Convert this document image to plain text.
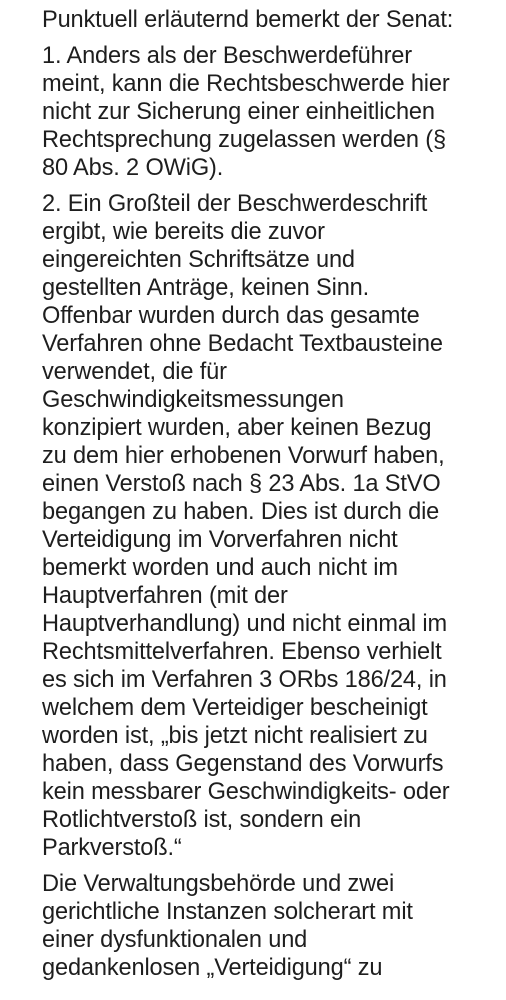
Punktuell erläuternd bemerkt der Senat:

1. Anders als der Beschwerdeführer
meint, kann die Rechtsbeschwerde hier
nicht zur Sicherung einer einheitlichen
Rechtsprechung zugelassen werden (§
80 Abs. 2 OWiG).

2. Ein Großteil der Beschwerdeschrift
ergibt, wie bereits die zuvor
eingereichten Schriftsätze und
gestellten Anträge, keinen Sinn.
Offenbar wurden durch das gesamte
Verfahren ohne Bedacht Textbausteine
verwendet, die für
Geschwindigkeitsmessungen
konzipiert wurden, aber keinen Bezug
zu dem hier erhobenen Vorwurf haben,
einen Verstoß nach § 23 Abs. 1a StVO
begangen zu haben. Dies ist durch die
Verteidigung im Vorverfahren nicht
bemerkt worden und auch nicht im
Hauptverfahren (mit der
Hauptverhandlung) und nicht einmal im
Rechtsmittelverfahren. Ebenso verhielt
es sich im Verfahren 3 ORbs 186/24, in
welchem dem Verteidiger bescheinigt
worden ist, „bis jetzt nicht realisiert zu
haben, dass Gegenstand des Vorwurfs
kein messbarer Geschwindigkeits- oder
Rotlichtverstoß ist, sondern ein
Parkverstoß.“

Die Verwaltungsbehörde und zwei
gerichtliche Instanzen solcherart mit
einer dysfunktionalen und
gedankenlosen „Verteidigung“ zu
